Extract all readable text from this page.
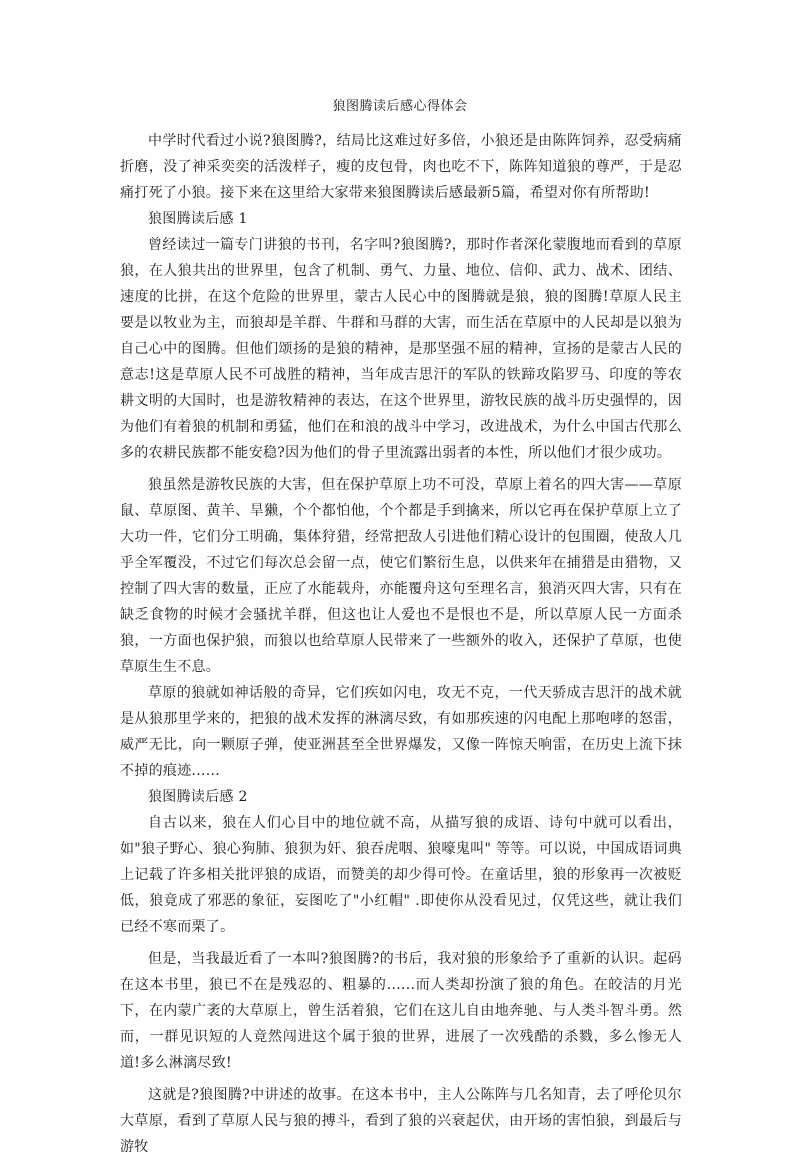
狼图腾读后感心得体会

中学时代看过小说?狼图腾?，结局比这难过好多倍，小狼还是由陈阵饲养，忍受病痛折磨，没了神采奕奕的活泼样子，瘦的皮包骨，肉也吃不下，陈阵知道狼的尊严，于是忍痛打死了小狼。接下来在这里给大家带来狼图腾读后感最新5篇，希望对你有所帮助!

狼图腾读后感 1

曾经读过一篇专门讲狼的书刊，名字叫?狼图腾?，那时作者深化蒙腹地而看到的草原狼，在人狼共出的世界里，包含了机制、勇气、力量、地位、信仰、武力、战术、团结、速度的比拼，在这个危险的世界里，蒙古人民心中的图腾就是狼，狼的图腾!草原人民主要是以牧业为主，而狼却是羊群、牛群和马群的大害，而生活在草原中的人民却是以狼为自己心中的图腾。但他们颂扬的是狼的精神，是那坚强不屈的精神，宣扬的是蒙古人民的意志!这是草原人民不可战胜的精神，当年成吉思汗的军队的铁蹄攻陷罗马、印度的等农耕文明的大国时，也是游牧精神的表达，在这个世界里，游牧民族的战斗历史强悍的，因为他们有着狼的机制和勇猛，他们在和浪的战斗中学习，改进战术，为什么中国古代那么多的农耕民族都不能安稳?因为他们的骨子里流露出弱者的本性，所以他们才很少成功。

狼虽然是游牧民族的大害，但在保护草原上功不可没，草原上着名的四大害——草原鼠、草原图、黄羊、旱獭，个个都怕他，个个都是手到擒来，所以它再在保护草原上立了大功一件，它们分工明确，集体狩猎，经常把敌人引进他们精心设计的包围圈，使敌人几乎全军覆没，不过它们每次总会留一点，使它们繁衍生息，以供来年在捕猎是由猎物，又控制了四大害的数量，正应了水能载舟，亦能覆舟这句至理名言，狼消灭四大害，只有在缺乏食物的时候才会骚扰羊群，但这也让人爱也不是恨也不是，所以草原人民一方面杀狼，一方面也保护狼，而狼以也给草原人民带来了一些额外的收入，还保护了草原，也使草原生生不息。

草原的狼就如神话般的奇异，它们疾如闪电，攻无不克，一代天骄成吉思汗的战术就是从狼那里学来的，把狼的战术发挥的淋漓尽致，有如那疾速的闪电配上那咆哮的怒雷，威严无比，向一颗原子弹，使亚洲甚至全世界爆发，又像一阵惊天响雷，在历史上流下抹不掉的痕迹......

狼图腾读后感 2

自古以来，狼在人们心目中的地位就不高，从描写狼的成语、诗句中就可以看出，如"狼子野心、狼心狗肺、狼狈为奸、狼吞虎咽、狼嚎鬼叫" 等等。可以说，中国成语词典上记载了许多相关批评狼的成语，而赞美的却少得可怜。在童话里，狼的形象再一次被贬低，狼竟成了邪恶的象征，妄图吃了"小红帽" .即使你从没看见过，仅凭这些，就让我们已经不寒而栗了。

但是，当我最近看了一本叫?狼图腾?的书后，我对狼的形象给予了重新的认识。起码在这本书里，狼已不在是残忍的、粗暴的......而人类却扮演了狼的角色。在皎洁的月光下，在内蒙广袤的大草原上，曾生活着狼，它们在这儿自由地奔驰、与人类斗智斗勇。然而，一群见识短的人竟然闯进这个属于狼的世界，进展了一次残酷的杀戮，多么惨无人道!多么淋漓尽致!

这就是?狼图腾?中讲述的故事。在这本书中，主人公陈阵与几名知青，去了呼伦贝尔大草原，看到了草原人民与狼的搏斗，看到了狼的兴衰起伏，由开场的害怕狼，到最后与游牧
